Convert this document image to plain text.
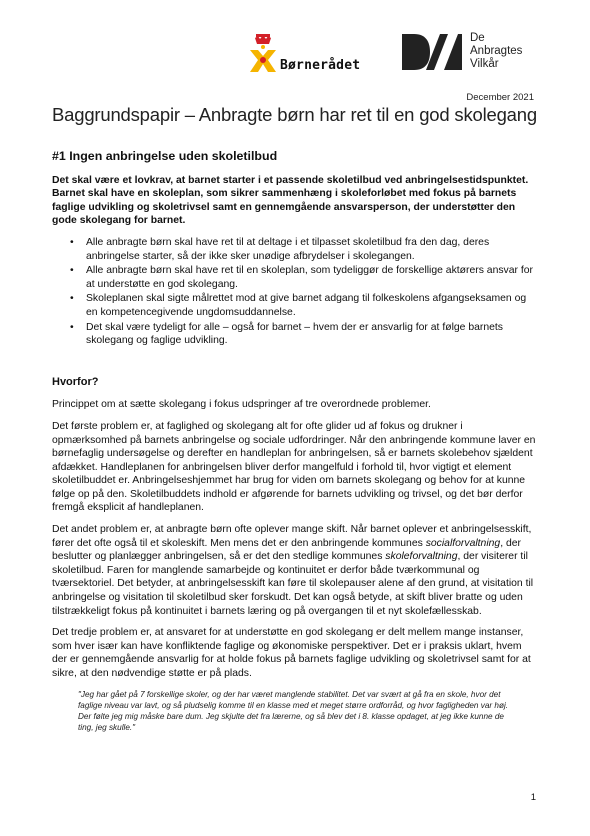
Børnerådet
De
Anbragtes
Vilkår
December 2021
Baggrundspapir – Anbragte børn har ret til en god skolegang
#1 Ingen anbringelse uden skoletilbud

Det skal være et lovkrav, at barnet starter i et passende skoletilbud ved anbringelsestidspunktet. Barnet skal have en skoleplan, som sikrer sammenhæng i skoleforløbet med fokus på barnets faglige udvikling og skoletrivsel samt en gennemgående ansvarsperson, der understøtter den gode skolegang for barnet.

• Alle anbragte børn skal have ret til at deltage i et tilpasset skoletilbud fra den dag, deres anbringelse starter, så der ikke sker unødige afbrydelser i skolegangen.
• Alle anbragte børn skal have ret til en skoleplan, som tydeliggør de forskellige aktørers ansvar for at understøtte en god skolegang.
• Skoleplanen skal sigte målrettet mod at give barnet adgang til folkeskolens afgangseksamen og en kompetencegivende ungdomsuddannelse.
• Det skal være tydeligt for alle – også for barnet – hvem der er ansvarlig for at følge barnets skolegang og faglige udvikling.
Hvorfor?

Princippet om at sætte skolegang i fokus udspringer af tre overordnede problemer.

Det første problem er, at faglighed og skolegang alt for ofte glider ud af fokus og drukner i opmærksomhed på barnets anbringelse og sociale udfordringer. Når den anbringende kommune laver en børnefaglig undersøgelse og derefter en handleplan for anbringelsen, så er barnets skolebehov sjældent afdækket. Handleplanen for anbringelsen bliver derfor mangelfuld i forhold til, hvor vigtigt et element skoletilbuddet er. Anbringelseshjemmet har brug for viden om barnets skolegang og behov for at kunne følge op på den. Skoletilbuddets indhold er afgørende for barnets udvikling og trivsel, og det bør derfor fremgå eksplicit af handleplanen.

Det andet problem er, at anbragte børn ofte oplever mange skift. Når barnet oplever et anbringelsesskift, fører det ofte også til et skoleskift. Men mens det er den anbringende kommunes socialforvaltning, der beslutter og planlægger anbringelsen, så er det den stedlige kommunes skoleforvaltning, der visiterer til skoletilbud. Faren for manglende samarbejde og kontinuitet er derfor både tværkommunal og tværsektoriel. Det betyder, at anbringelsesskift kan føre til skolepauser alene af den grund, at visitation til anbringelse og visitation til skoletilbud sker forskudt. Det kan også betyde, at skift bliver bratte og uden tilstrækkeligt fokus på kontinuitet i barnets læring og på overgangen til et nyt skolefællesskab.

Det tredje problem er, at ansvaret for at understøtte en god skolegang er delt mellem mange instanser, som hver især kan have konfliktende faglige og økonomiske perspektiver. Det er i praksis uklart, hvem der er gennemgående ansvarlig for at holde fokus på barnets faglige udvikling og skoletrivsel samt for at sikre, at den nødvendige støtte er på plads.

"Jeg har gået på 7 forskellige skoler, og der har været manglende stabilitet. Det var svært at gå fra en skole, hvor det faglige niveau var lavt, og så pludselig komme til en klasse med et meget større ordforråd, og hvor fagligheden var høj. Der følte jeg mig måske bare dum. Jeg skjulte det fra lærerne, og så blev det i 8. klasse opdaget, at jeg ikke kunne de ting, jeg skulle."
1
